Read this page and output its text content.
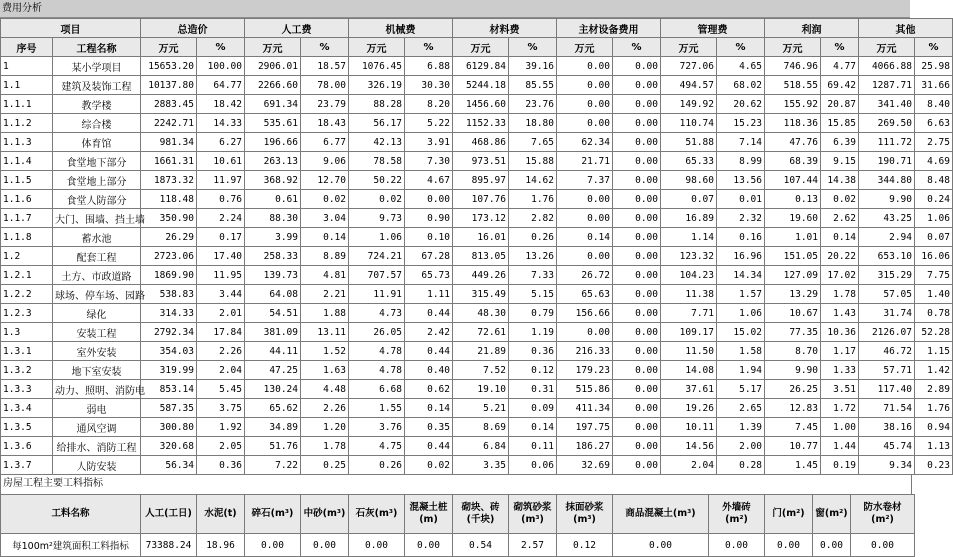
费用分析
项目		总造价		人工费		机械费		材料费		主材设备费用		管理费		利润		其他	
序号	工程名称	万元	%	万元	%	万元	%	万元	%	万元	%	万元	%	万元	%	万元	%
1	某小学项目	15653.20	100.00	2906.01	18.57	1076.45	6.88	6129.84	39.16	0.00	0.00	727.06	4.65	746.96	4.77	4066.88	25.98
1.1	建筑及装饰工程	10137.80	64.77	2266.60	78.00	326.19	30.30	5244.18	85.55	0.00	0.00	494.57	68.02	518.55	69.42	1287.71	31.66
1.1.1	教学楼	2883.45	18.42	691.34	23.79	88.28	8.20	1456.60	23.76	0.00	0.00	149.92	20.62	155.92	20.87	341.40	8.40
1.1.2	综合楼	2242.71	14.33	535.61	18.43	56.17	5.22	1152.33	18.80	0.00	0.00	110.74	15.23	118.36	15.85	269.50	6.63
1.1.3	体育馆	981.34	6.27	196.66	6.77	42.13	3.91	468.86	7.65	62.34	0.00	51.88	7.14	47.76	6.39	111.72	2.75
1.1.4	食堂地下部分	1661.31	10.61	263.13	9.06	78.58	7.30	973.51	15.88	21.71	0.00	65.33	8.99	68.39	9.15	190.71	4.69
1.1.5	食堂地上部分	1873.32	11.97	368.92	12.70	50.22	4.67	895.97	14.62	7.37	0.00	98.60	13.56	107.44	14.38	344.80	8.48
1.1.6	食堂人防部分	118.48	0.76	0.61	0.02	0.02	0.00	107.76	1.76	0.00	0.00	0.07	0.01	0.13	0.02	9.90	0.24
1.1.7	大门、围墙、挡土墙	350.90	2.24	88.30	3.04	9.73	0.90	173.12	2.82	0.00	0.00	16.89	2.32	19.60	2.62	43.25	1.06
1.1.8	蓄水池	26.29	0.17	3.99	0.14	1.06	0.10	16.01	0.26	0.14	0.00	1.14	0.16	1.01	0.14	2.94	0.07
1.2	配套工程	2723.06	17.40	258.33	8.89	724.21	67.28	813.05	13.26	0.00	0.00	123.32	16.96	151.05	20.22	653.10	16.06
1.2.1	土方、市政道路	1869.90	11.95	139.73	4.81	707.57	65.73	449.26	7.33	26.72	0.00	104.23	14.34	127.09	17.02	315.29	7.75
1.2.2	球场、停车场、园路	538.83	3.44	64.08	2.21	11.91	1.11	315.49	5.15	65.63	0.00	11.38	1.57	13.29	1.78	57.05	1.40
1.2.3	绿化	314.33	2.01	54.51	1.88	4.73	0.44	48.30	0.79	156.66	0.00	7.71	1.06	10.67	1.43	31.74	0.78
1.3	安装工程	2792.34	17.84	381.09	13.11	26.05	2.42	72.61	1.19	0.00	0.00	109.17	15.02	77.35	10.36	2126.07	52.28
1.3.1	室外安装	354.03	2.26	44.11	1.52	4.78	0.44	21.89	0.36	216.33	0.00	11.50	1.58	8.70	1.17	46.72	1.15
1.3.2	地下室安装	319.99	2.04	47.25	1.63	4.78	0.40	7.52	0.12	179.23	0.00	14.08	1.94	9.90	1.33	57.71	1.42
1.3.3	动力、照明、消防电	853.14	5.45	130.24	4.48	6.68	0.62	19.10	0.31	515.86	0.00	37.61	5.17	26.25	3.51	117.40	2.89
1.3.4	弱电	587.35	3.75	65.62	2.26	1.55	0.14	5.21	0.09	411.34	0.00	19.26	2.65	12.83	1.72	71.54	1.76
1.3.5	通风空调	300.80	1.92	34.89	1.20	3.76	0.35	8.69	0.14	197.75	0.00	10.11	1.39	7.45	1.00	38.16	0.94
1.3.6	给排水、消防工程	320.68	2.05	51.76	1.78	4.75	0.44	6.84	0.11	186.27	0.00	14.56	2.00	10.77	1.44	45.74	1.13
1.3.7	人防安装	56.34	0.36	7.22	0.25	0.26	0.02	3.35	0.06	32.69	0.00	2.04	0.28	1.45	0.19	9.34	0.23
房屋工程主要工料指标
工料名称	人工(工日)	水泥(t)	碎石(m³)	中砂(m³)	石灰(m³)	混凝土桩(m)	砌块、砖(千块)	砌筑砂浆(m³)	抹面砂浆(m³)	商品混凝土(m³)	外墙砖(m²)	门(m²)	窗(m²)	防水卷材(m²)
每100m²建筑面积工料指标	73388.24	18.96	0.00	0.00	0.00	0.00	0.54	2.57	0.12	0.00	0.00	0.00	0.00	0.00
